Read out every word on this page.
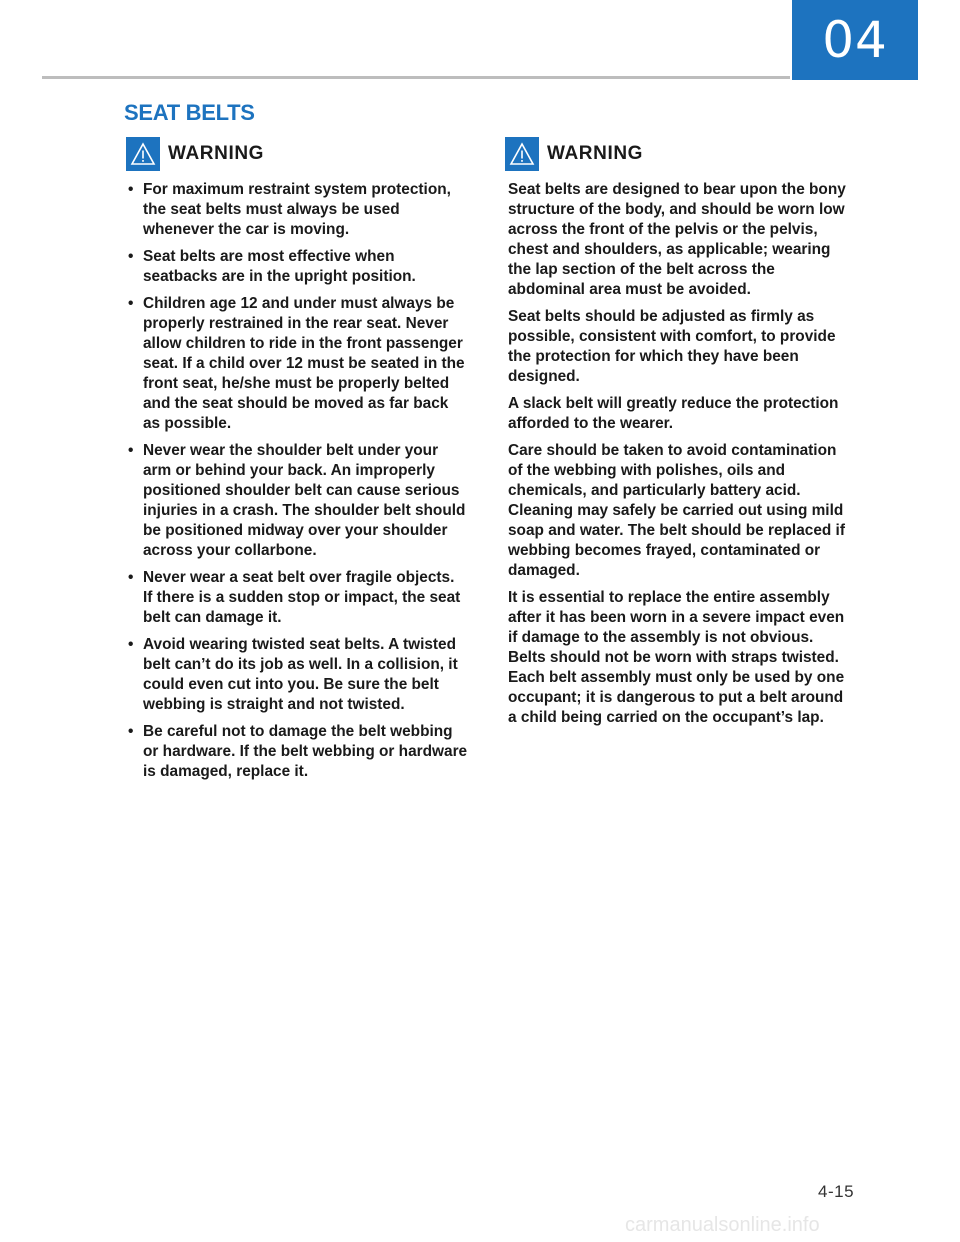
04
SEAT BELTS
WARNING	WARNING
• For maximum restraint system protection, the seat belts must always be used whenever the car is moving.
• Seat belts are most effective when seatbacks are in the upright position.
• Children age 12 and under must always be properly restrained in the rear seat. Never allow children to ride in the front passenger seat. If a child over 12 must be seated in the front seat, he/she must be properly belted and the seat should be moved as far back as possible.
• Never wear the shoulder belt under your arm or behind your back. An improperly positioned shoulder belt can cause serious injuries in a crash. The shoulder belt should be positioned midway over your shoulder across your collarbone.
• Never wear a seat belt over fragile objects. If there is a sudden stop or impact, the seat belt can damage it.
• Avoid wearing twisted seat belts. A twisted belt can’t do its job as well. In a collision, it could even cut into you. Be sure the belt webbing is straight and not twisted.
• Be careful not to damage the belt webbing or hardware. If the belt webbing or hardware is damaged, replace it.

Seat belts are designed to bear upon the bony structure of the body, and should be worn low across the front of the pelvis or the pelvis, chest and shoulders, as applicable; wearing the lap section of the belt across the abdominal area must be avoided.

Seat belts should be adjusted as firmly as possible, consistent with comfort, to provide the protection for which they have been designed.

A slack belt will greatly reduce the protection afforded to the wearer.

Care should be taken to avoid contamination of the webbing with polishes, oils and chemicals, and particularly battery acid. Cleaning may safely be carried out using mild soap and water. The belt should be replaced if webbing becomes frayed, contaminated or damaged.

It is essential to replace the entire assembly after it has been worn in a severe impact even if damage to the assembly is not obvious. Belts should not be worn with straps twisted. Each belt assembly must only be used by one occupant; it is dangerous to put a belt around a child being carried on the occupant’s lap.

4-15
carmanualsonline.info
